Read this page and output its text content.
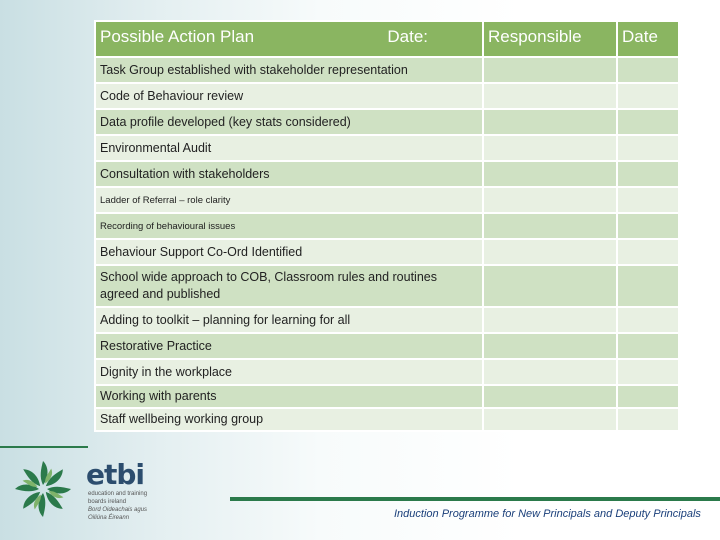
Possible Action Plan Date:	Responsible	Date
Task Group established with stakeholder representation		
Code of Behaviour review		
Data profile developed (key stats considered)		
Environmental Audit		
Consultation with stakeholders		
Ladder of Referral – role clarity		
Recording of behavioural issues		
Behaviour Support Co-Ord Identified		
School wide approach to COB, Classroom rules and routines agreed and published		
Adding to toolkit – planning for learning for all		
Restorative Practice		
Dignity in the workplace		
Working with parents		
Staff wellbeing working group		
etbi
education and training
boards ireland
Bord Oideachais agus
Oiliúna Éireann	Induction Programme for New Principals and Deputy Principals
